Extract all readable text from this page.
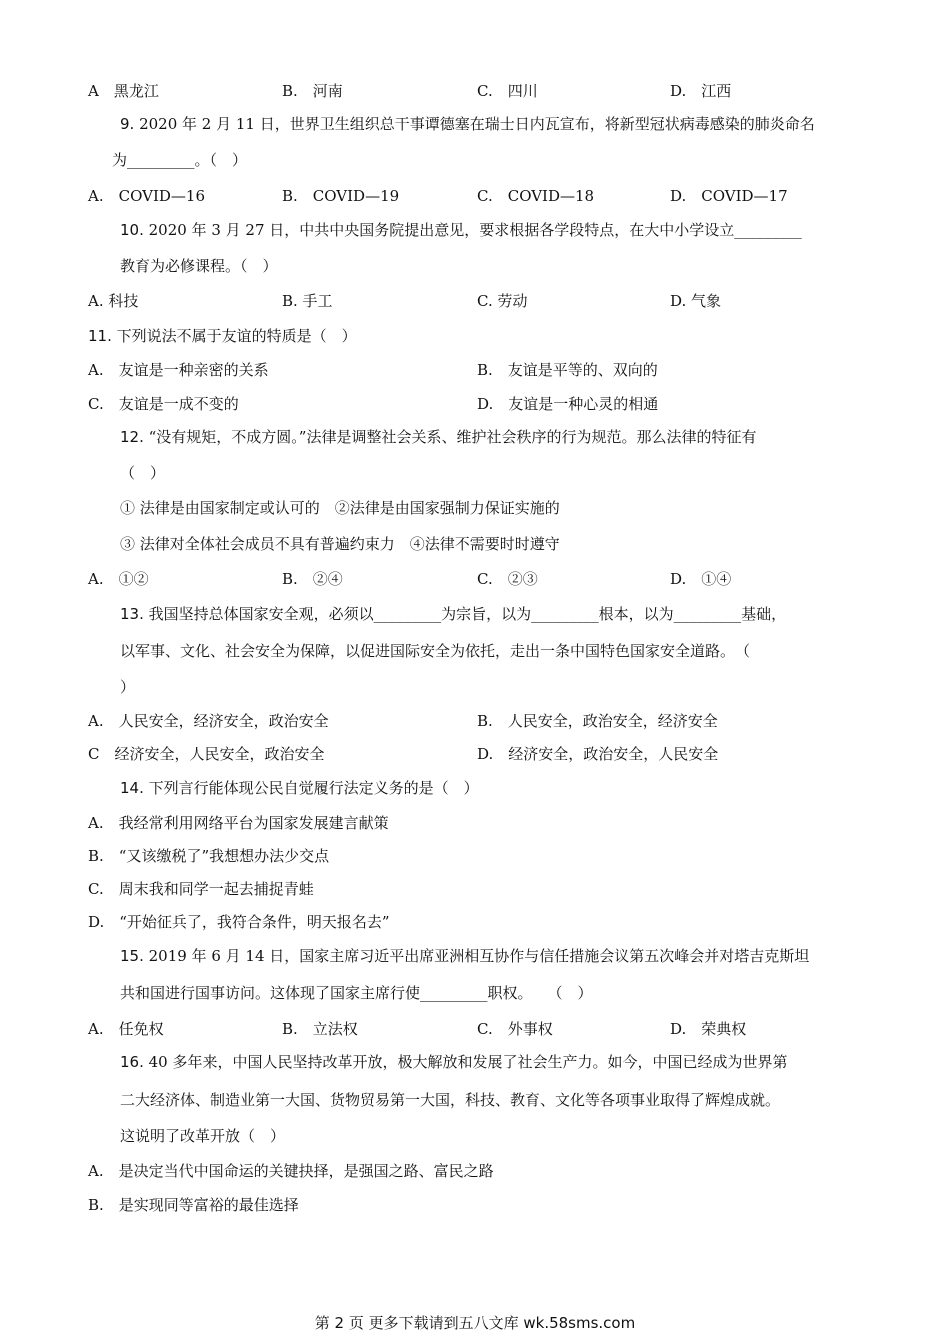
A　黑龙江	B.　河南	C.　四川	D.　江西
9. 2020 年 2 月 11 日，世界卫生组织总干事谭德塞在瑞士日内瓦宣布，将新型冠状病毒感染的肺炎命名
为_________。（　）
A.　COVID—16	B.　COVID—19	C.　COVID—18	D.　COVID—17
10. 2020 年 3 月 27 日，中共中央国务院提出意见，要求根据各学段特点，在大中小学设立_________
教育为必修课程。（　）
A. 科技	B. 手工	C. 劳动	D. 气象
11. 下列说法不属于友谊的特质是（　）
A.　友谊是一种亲密的关系	B.　友谊是平等的、双向的
C.　友谊是一成不变的	D.　友谊是一种心灵的相通
12. “没有规矩，不成方圆。”法律是调整社会关系、维护社会秩序的行为规范。那么法律的特征有
（　）
① 法律是由国家制定或认可的　②法律是由国家强制力保证实施的
③ 法律对全体社会成员不具有普遍约束力　④法律不需要时时遵守
A.　①②	B.　②④	C.　②③	D.　①④
13. 我国坚持总体国家安全观，必须以_________为宗旨，以为_________根本，以为_________基础，
以军事、文化、社会安全为保障，以促进国际安全为依托，走出一条中国特色国家安全道路。　（
）
A.　人民安全，经济安全，政治安全	B.　人民安全，政治安全，经济安全
C　经济安全，人民安全，政治安全	D.　经济安全，政治安全，人民安全
14. 下列言行能体现公民自觉履行法定义务的是（　）
A.　我经常利用网络平台为国家发展建言献策
B.　“又该缴税了”我想想办法少交点
C.　周末我和同学一起去捕捉青蛙
D.　“开始征兵了，我符合条件，明天报名去”
15. 2019 年 6 月 14 日，国家主席习近平出席亚洲相互协作与信任措施会议第五次峰会并对塔吉克斯坦
共和国进行国事访问。这体现了国家主席行使_________职权。　　（　）
A.　任免权	B.　立法权	C.　外事权	D.　荣典权
16. 40 多年来，中国人民坚持改革开放，极大解放和发展了社会生产力。如今，中国已经成为世界第
二大经济体、制造业第一大国、货物贸易第一大国，科技、教育、文化等各项事业取得了辉煌成就。
这说明了改革开放（　）
A.　是决定当代中国命运的关键抉择，是强国之路、富民之路
B.　是实现同等富裕的最佳选择
第 2 页 更多下载请到五八文库 wk.58sms.com
